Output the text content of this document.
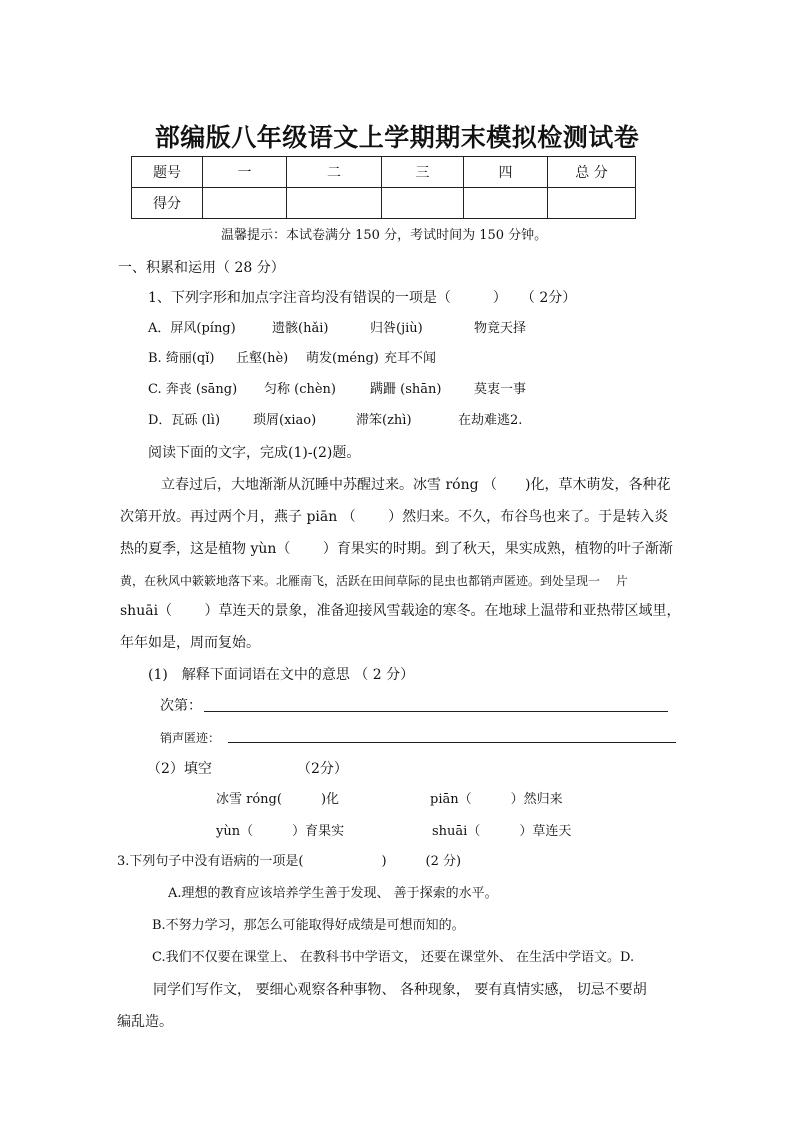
部编版八年级语文上学期期末模拟检测试卷
题号	一	二	三	四	总 分
得分					
温馨提示：本试卷满分 150 分，考试时间为 150 分钟。
一、积累和运用（ 28 分）
1、下列字形和加点字注音均没有错误的一项是（　　　）　　（ 2分）
A．屏风(píng)	遗骸(hǎi)	归咎(jiù)	物竟天择
B. 绮丽(qǐ) 丘壑(hè) 萌发(méng) 充耳不闻
C. 奔丧 (sāng) 匀称 (chèn)	蹒跚 (shān)	莫衷一事
D．瓦砾 (lì)	琐屑(xiao)	滞笨(zhì)	在劫难逃2.
阅读下面的文字，完成(1)-(2)题。
立春过后，大地渐渐从沉睡中苏醒过来。冰雪 róng （　　)化，草木萌发，各种花
次第开放。再过两个月，燕子 piān （　　 ）然归来。不久，布谷鸟也来了。于是转入炎
热的夏季，这是植物 yùn（　　 ）育果实的时期。到了秋天，果实成熟，植物的叶子渐渐
黄，在秋风中簌簌地落下来。北雁南飞，活跃在田间草际的昆虫也都销声匿迹。到处呈现一　 片
shuāi（　　 ）草连天的景象，准备迎接风雪载途的寒冬。在地球上温带和亚热带区域里，
年年如是，周而复始。
(1)　解释下面词语在文中的意思 （ 2 分）
次第：
销声匿迹：
（2）填空	（2分）
冰雪 róng(　　　)化	piān（　　　）然归来
yùn（　　　）育果实	shuāi（　　　）草连天
3.下列句子中没有语病的一项是(　　　　　　)　　　(2 分)
A.理想的教育应该培养学生善于发现、 善于探索的水平。
B.不努力学习，那怎么可能取得好成绩是可想而知的。
C.我们不仅要在课堂上、 在教科书中学语文， 还要在课堂外、 在生活中学语文。D.
同学们写作文， 要细心观察各种事物、 各种现象， 要有真情实感， 切忌不要胡
编乱造。
